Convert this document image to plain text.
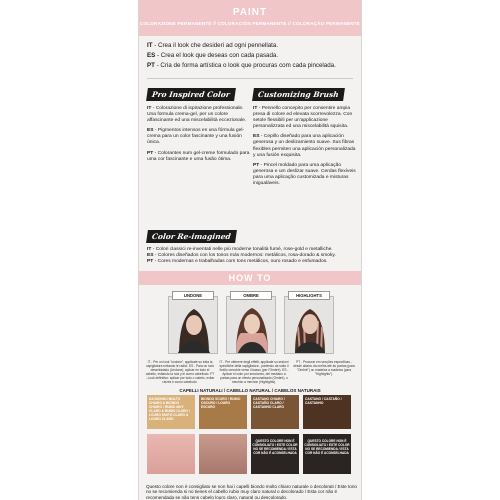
PAINT
COLORAZIONE PERMANENTE // COLORACIÓN PERMANENTE // COLORAÇÃO PERMANENTE
IT - Crea il look che desideri ad ogni pennellata.
ES - Crea el look que deseas con cada pasada.
PT - Cria de forma artística o look que procuras com cada pincelada.
Pro Inspired Color
IT - Colorazione di ispirazione professionale. Una formula crema-gel, per un colore affascinante ed una miscelabilità eccezionale.
ES - Pigmentos intensos en una fórmula gel-crema para un color fascinante y una fusión única.
PT - Colorantes num gel-creme formulado para uma cor fascinante e uma fusão ótima.
Customizing Brush
IT - Pennello concepito per consentire ampia presa di colore ed elevata scorrevolezza. Con setole flessibili per un'applicazione personalizzata ed una miscelabilità squisita.
ES - Cepillo diseñado para una aplicación generosa y un deslizamiento suave. Sus fibras flexibles permiten una aplicación personalizada y una fusión exquisita.
PT - Pincel moldado para uma aplicação generosa e um deslizar suave. Cerdas flexíveis para uma aplicação customizada e misturas inigualáveis.
Color Re-imagined
IT - Colori classici re-inventati nelle più moderne tonalità fumé, rose-gold e metalliche.
ES - Colores diseñados con los tonos más modernos: metálicos, rosa-dorado & smoky.
PT - Cores modernas e trabalhadas com tons metálicos, ouro rosado e esfumados.
HOW TO
UNDONE	OMBRE	HIGHLIGHTS
IT - Per un look "undone", applicate su tutta la capigliatura evitando le radici. ES - Para un look desenfadado (Undone), aplicar en todo el cabello, evitando la raíz y el cuero cabelludo. PT - Look definitivo: aplicar por todo o cabelo, evitar raízes e couro cabeludo.
IT - Per ottenere degli effetti, applicate su sezioni specifiche della capigliatura - partendo da sotto il livello orecchie verso il basso (per l'Ombré). ES - Aplicar el color por secciones, del mediano a puntas para un efecto personalizado (Ombré), o mechón a mechón (Highlights).
PT - Procurar em secções específicas - desde abaixo da orelha até às pontas (para "Ombré") ou madeixa a madeixa (para "Highlights").
CAPELLI NATURALI / CABELLO NATURAL / CABELOS NATURAIS
DA BIONDO MOLTO CHIARO A BIONDO CHIARO / RUBIO MUY CLARO A RUBIO CLARO / LOURO MUITO CLARO A LOURO CLARO
BIONDO SCURO / RUBIO OSCURO / LOURO ESCURO
CASTANO CHIARO / CASTAÑO CLARO / CASTANHO CLARO
CASTANO / CASTAÑO / CASTANHO
QUESTO COLORE NON È CONSIGLIATO / ESTE COLOR NO SE RECOMIENDA / ESTA COR NÃO É ACONSELHADA
QUESTO COLORE NON È CONSIGLIATO / ESTE COLOR NO SE RECOMIENDA / ESTA COR NÃO É ACONSELHADA
Questo colore non è consigliato se non hai i capelli biondo molto chiaro naturale o decolorati / Este tono no se recomienda si no tienes el cabello rubio muy claro natural o decolorado / Esta cor não é recomendada se não tens cabelo louro claro, natural ou descolorado.
